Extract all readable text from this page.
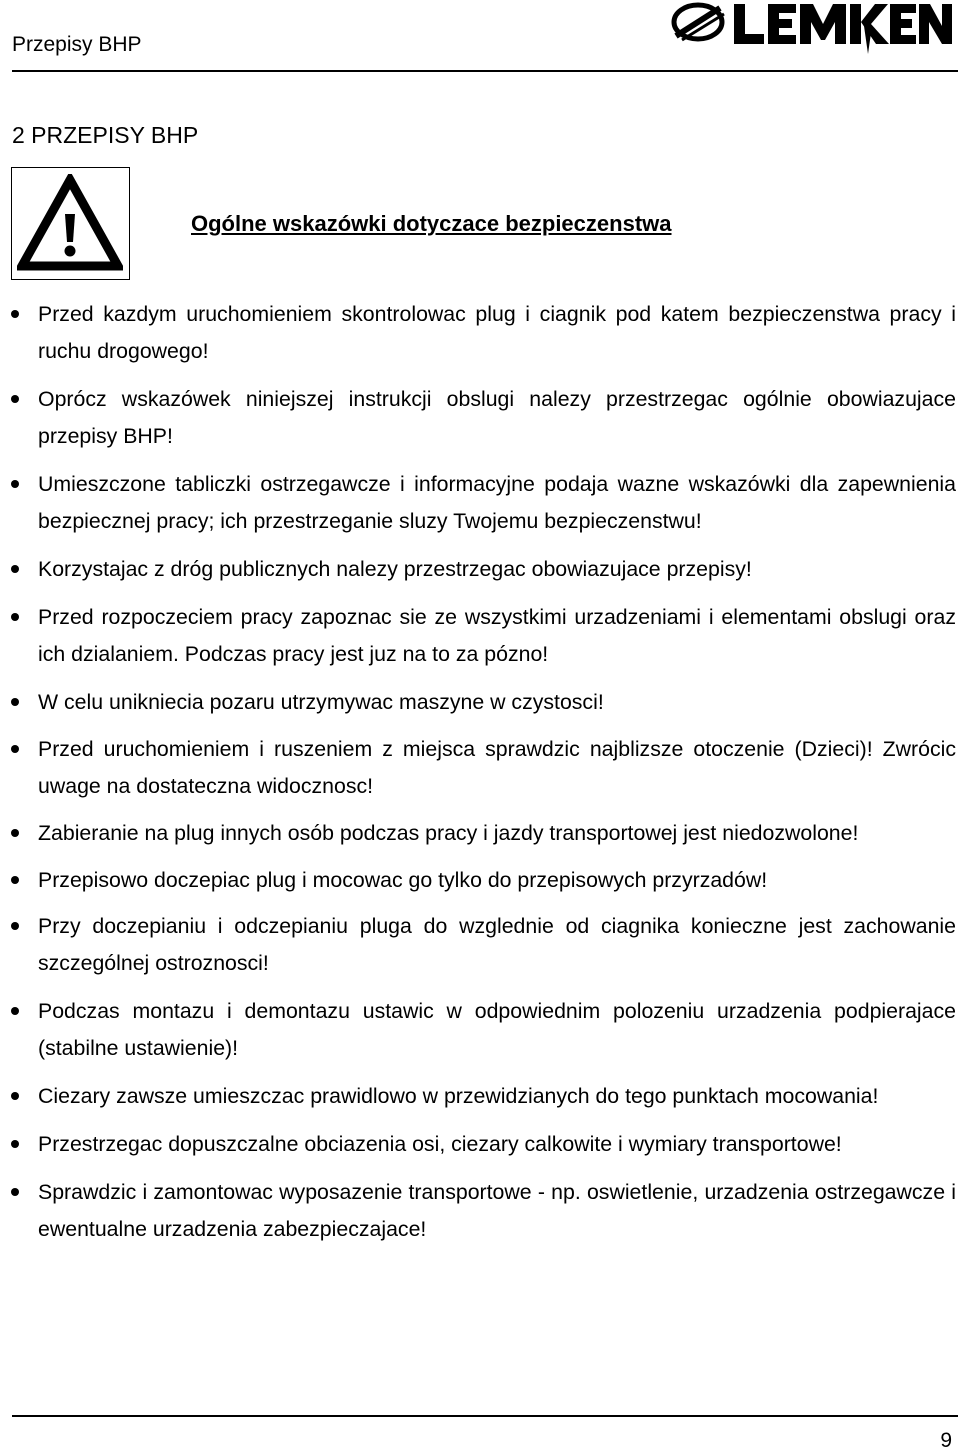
Przepisy BHP
2 PRZEPISY BHP
Ogólne wskazówki dotyczace bezpieczenstwa
Przed kazdym uruchomieniem skontrolowac plug i ciagnik pod katem bezpieczenstwa pracy i ruchu drogowego!
Oprócz wskazówek niniejszej instrukcji obslugi nalezy przestrzegac ogólnie obowiazujace przepisy BHP!
Umieszczone tabliczki ostrzegawcze i informacyjne podaja wazne wskazówki dla zapewnienia bezpiecznej pracy; ich przestrzeganie sluzy Twojemu bezpieczenstwu!
Korzystajac z dróg publicznych nalezy przestrzegac obowiazujace przepisy!
Przed rozpoczeciem pracy zapoznac sie ze wszystkimi urzadzeniami i elementami obslugi oraz ich dzialaniem. Podczas pracy jest juz na to za pózno!
W celu unikniecia pozaru utrzymywac maszyne w czystosci!
Przed uruchomieniem i ruszeniem z miejsca sprawdzic najblizsze otoczenie (Dzieci)! Zwrócic uwage na dostateczna widocznosc!
Zabieranie na plug innych osób podczas pracy i jazdy transportowej jest niedozwolone!
Przepisowo doczepiac plug i mocowac go tylko do przepisowych przyrzadów!
Przy doczepianiu i odczepianiu pluga do wzglednie od ciagnika konieczne jest zachowanie szczególnej ostroznosci!
Podczas montazu i demontazu ustawic w odpowiednim polozeniu urzadzenia podpierajace (stabilne ustawienie)!
Ciezary zawsze umieszczac prawidlowo w przewidzianych do tego punktach mocowania!
Przestrzegac dopuszczalne obciazenia osi, ciezary calkowite i wymiary transportowe!
Sprawdzic i zamontowac wyposazenie transportowe - np. oswietlenie, urzadzenia ostrzegawcze i ewentualne urzadzenia zabezpieczajace!
9
